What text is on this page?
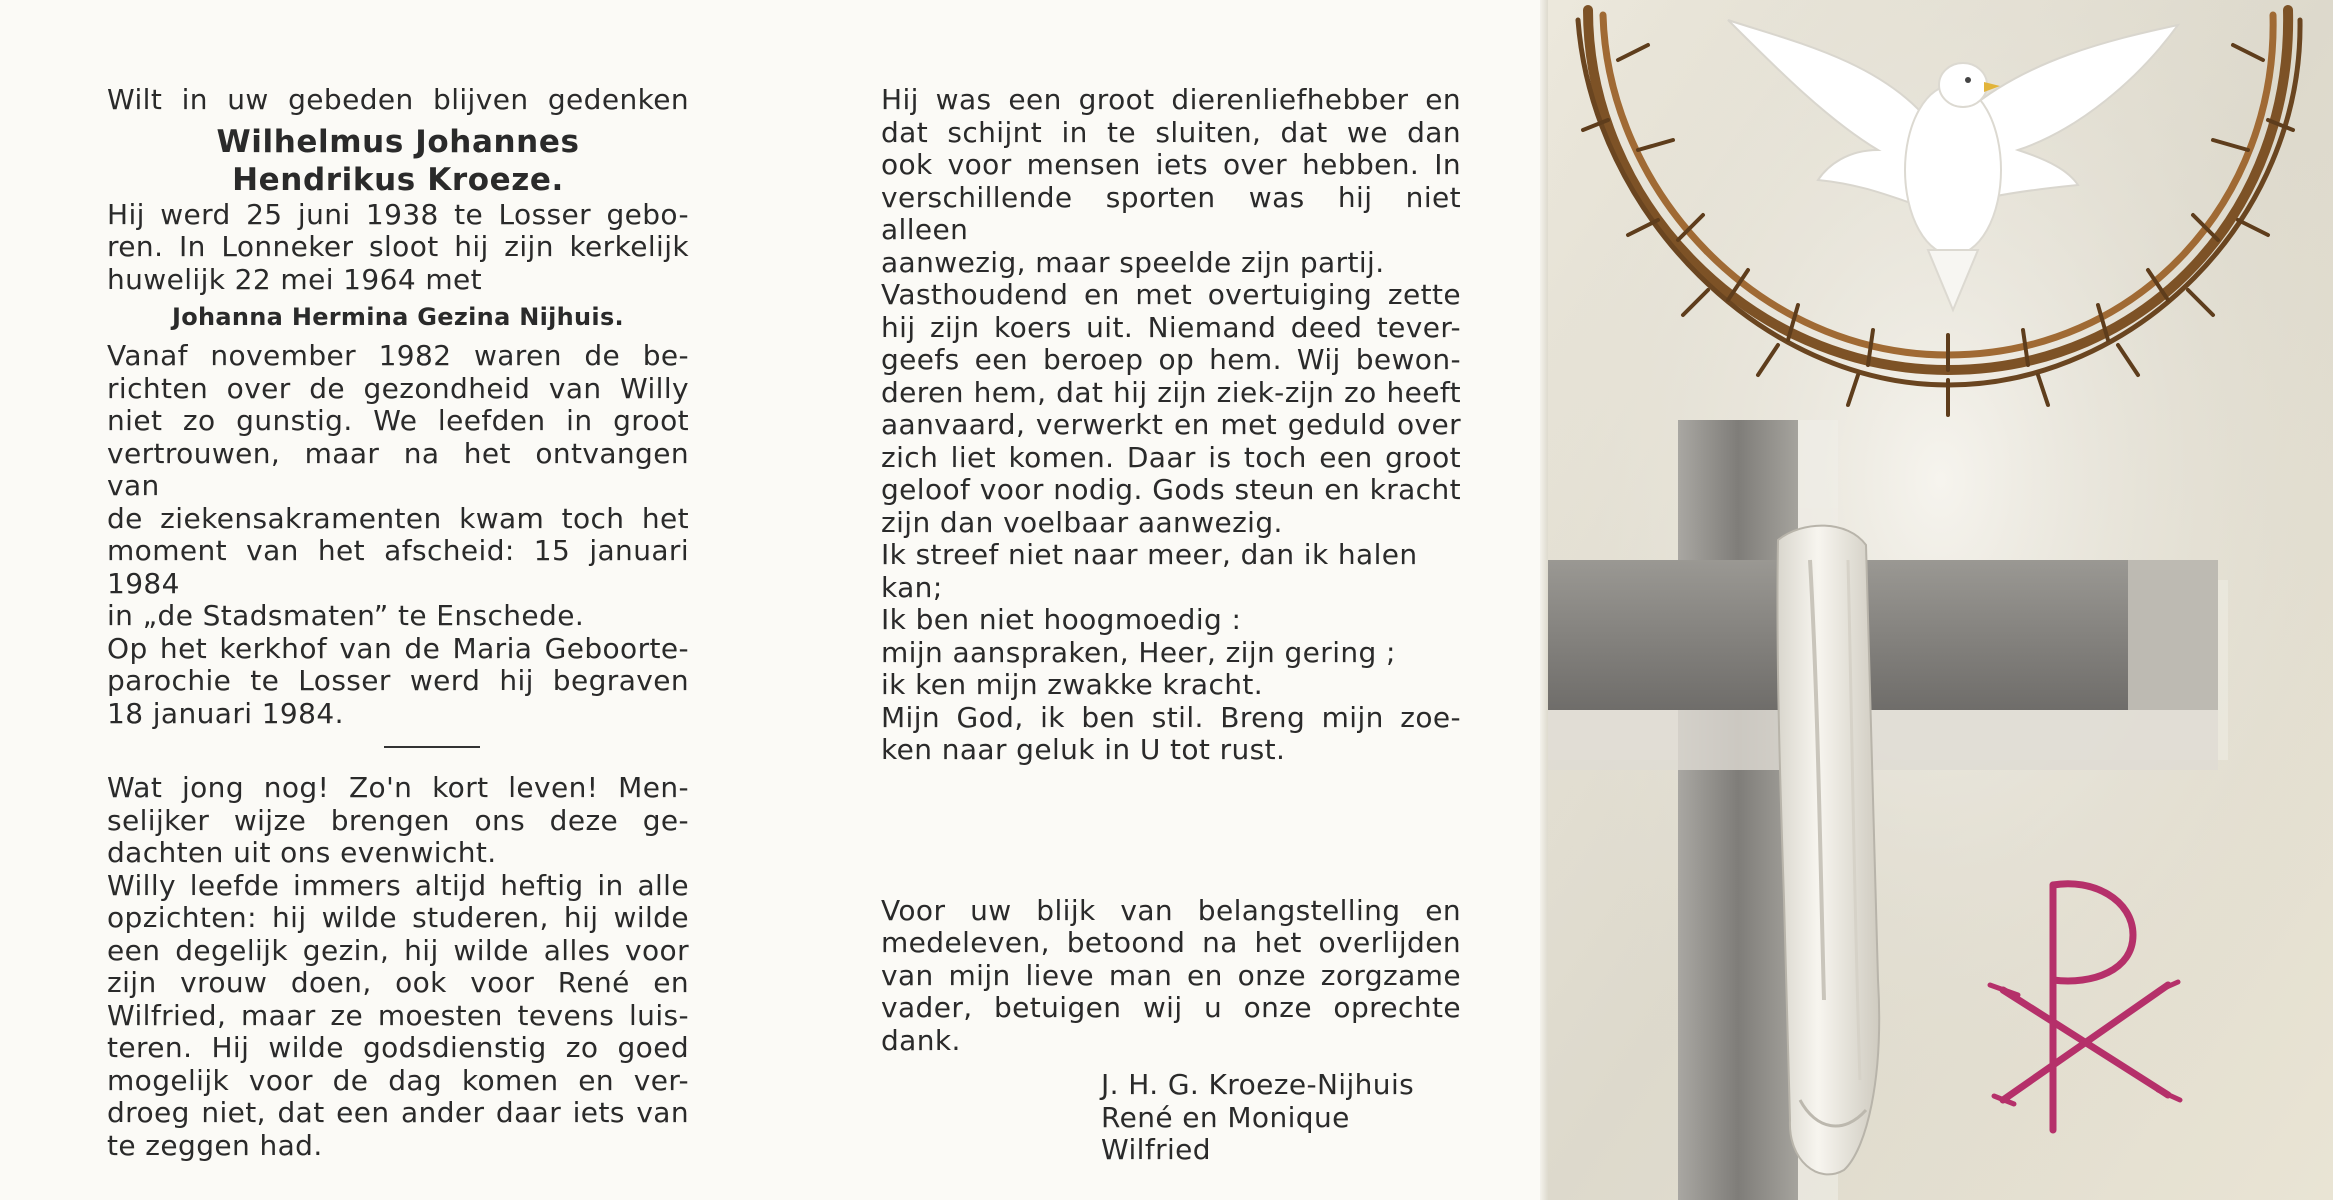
Wilt in uw gebeden blijven gedenken
Wilhelmus Johannes
Hendrikus Kroeze.
Hij werd 25 juni 1938 te Losser gebo-
ren. In Lonneker sloot hij zijn kerkelijk
huwelijk 22 mei 1964 met
Johanna Hermina Gezina Nijhuis.
Vanaf november 1982 waren de be-
richten over de gezondheid van Willy
niet zo gunstig. We leefden in groot
vertrouwen, maar na het ontvangen van
de ziekensakramenten kwam toch het
moment van het afscheid: 15 januari 1984
in „de Stadsmaten” te Enschede.
Op het kerkhof van de Maria Geboorte-
parochie te Losser werd hij begraven
18 januari 1984.
Wat jong nog! Zo'n kort leven! Men-
selijker wijze brengen ons deze ge-
dachten uit ons evenwicht.
Willy leefde immers altijd heftig in alle
opzichten: hij wilde studeren, hij wilde
een degelijk gezin, hij wilde alles voor
zijn vrouw doen, ook voor René en
Wilfried, maar ze moesten tevens luis-
teren. Hij wilde godsdienstig zo goed
mogelijk voor de dag komen en ver-
droeg niet, dat een ander daar iets van
te zeggen had.
Hij was een groot dierenliefhebber en
dat schijnt in te sluiten, dat we dan
ook voor mensen iets over hebben. In
verschillende sporten was hij niet alleen
aanwezig, maar speelde zijn partij.
Vasthoudend en met overtuiging zette
hij zijn koers uit. Niemand deed tever-
geefs een beroep op hem. Wij bewon-
deren hem, dat hij zijn ziek-zijn zo heeft
aanvaard, verwerkt en met geduld over
zich liet komen. Daar is toch een groot
geloof voor nodig. Gods steun en kracht
zijn dan voelbaar aanwezig.
Ik streef niet naar meer, dan ik halen kan;
Ik ben niet hoogmoedig :
mijn aanspraken, Heer, zijn gering ;
ik ken mijn zwakke kracht.
Mijn God, ik ben stil. Breng mijn zoe-
ken naar geluk in U tot rust.
Voor uw blijk van belangstelling en
medeleven, betoond na het overlijden
van mijn lieve man en onze zorgzame
vader, betuigen wij u onze oprechte
dank.
J. H. G. Kroeze-Nijhuis
René en Monique
Wilfried
